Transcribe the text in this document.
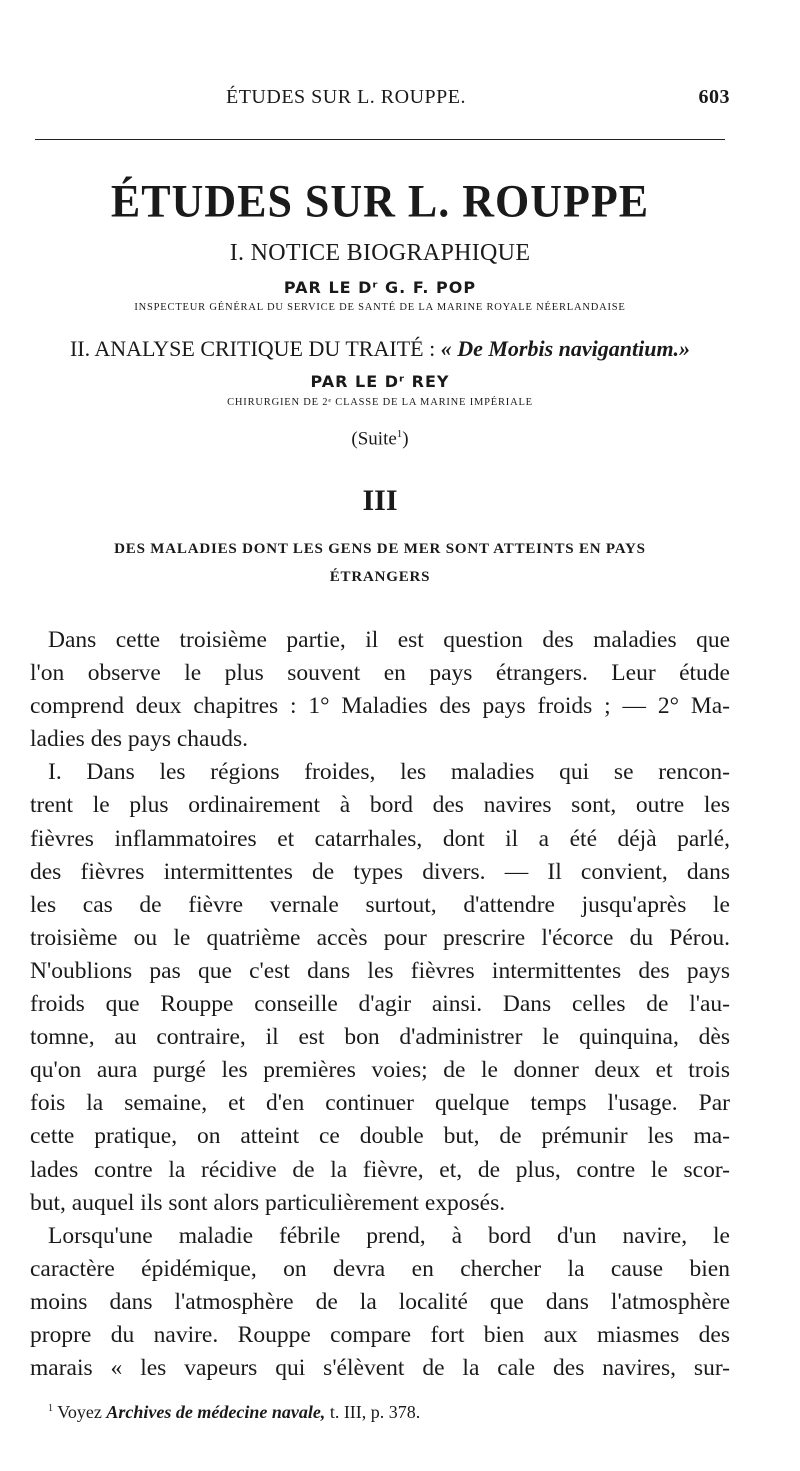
ÉTUDES SUR L. ROUPPE.	603
ÉTUDES SUR L. ROUPPE
I. NOTICE BIOGRAPHIQUE
PAR LE Dʳ G. F. POP
INSPECTEUR GÉNÉRAL DU SERVICE DE SANTÉ DE LA MARINE ROYALE NÉERLANDAISE
II. ANALYSE CRITIQUE DU TRAITÉ : « De Morbis navigantium.»
PAR LE Dʳ REY
CHIRURGIEN DE 2ᵉ CLASSE DE LA MARINE IMPÉRIALE
(Suite$^1$)
III
DES MALADIES DONT LES GENS DE MER SONT ATTEINTS EN PAYS
ÉTRANGERS
Dans cette troisième partie, il est question des maladies que
l'on observe le plus souvent en pays étrangers. Leur étude
comprend deux chapitres : 1° Maladies des pays froids ; — 2° Ma-
ladies des pays chauds.
I. Dans les régions froides, les maladies qui se rencon-
trent le plus ordinairement à bord des navires sont, outre les
fièvres inflammatoires et catarrhales, dont il a été déjà parlé,
des fièvres intermittentes de types divers. — Il convient, dans
les cas de fièvre vernale surtout, d'attendre jusqu'après le
troisième ou le quatrième accès pour prescrire l'écorce du Pérou.
N'oublions pas que c'est dans les fièvres intermittentes des pays
froids que Rouppe conseille d'agir ainsi. Dans celles de l'au-
tomne, au contraire, il est bon d'administrer le quinquina, dès
qu'on aura purgé les premières voies; de le donner deux et trois
fois la semaine, et d'en continuer quelque temps l'usage. Par
cette pratique, on atteint ce double but, de prémunir les ma-
lades contre la récidive de la fièvre, et, de plus, contre le scor-
but, auquel ils sont alors particulièrement exposés.
Lorsqu'une maladie fébrile prend, à bord d'un navire, le
caractère épidémique, on devra en chercher la cause bien
moins dans l'atmosphère de la localité que dans l'atmosphère
propre du navire. Rouppe compare fort bien aux miasmes des
marais « les vapeurs qui s'élèvent de la cale des navires, sur-
$^1$ Voyez Archives de médecine navale, t. III, p. 378.
